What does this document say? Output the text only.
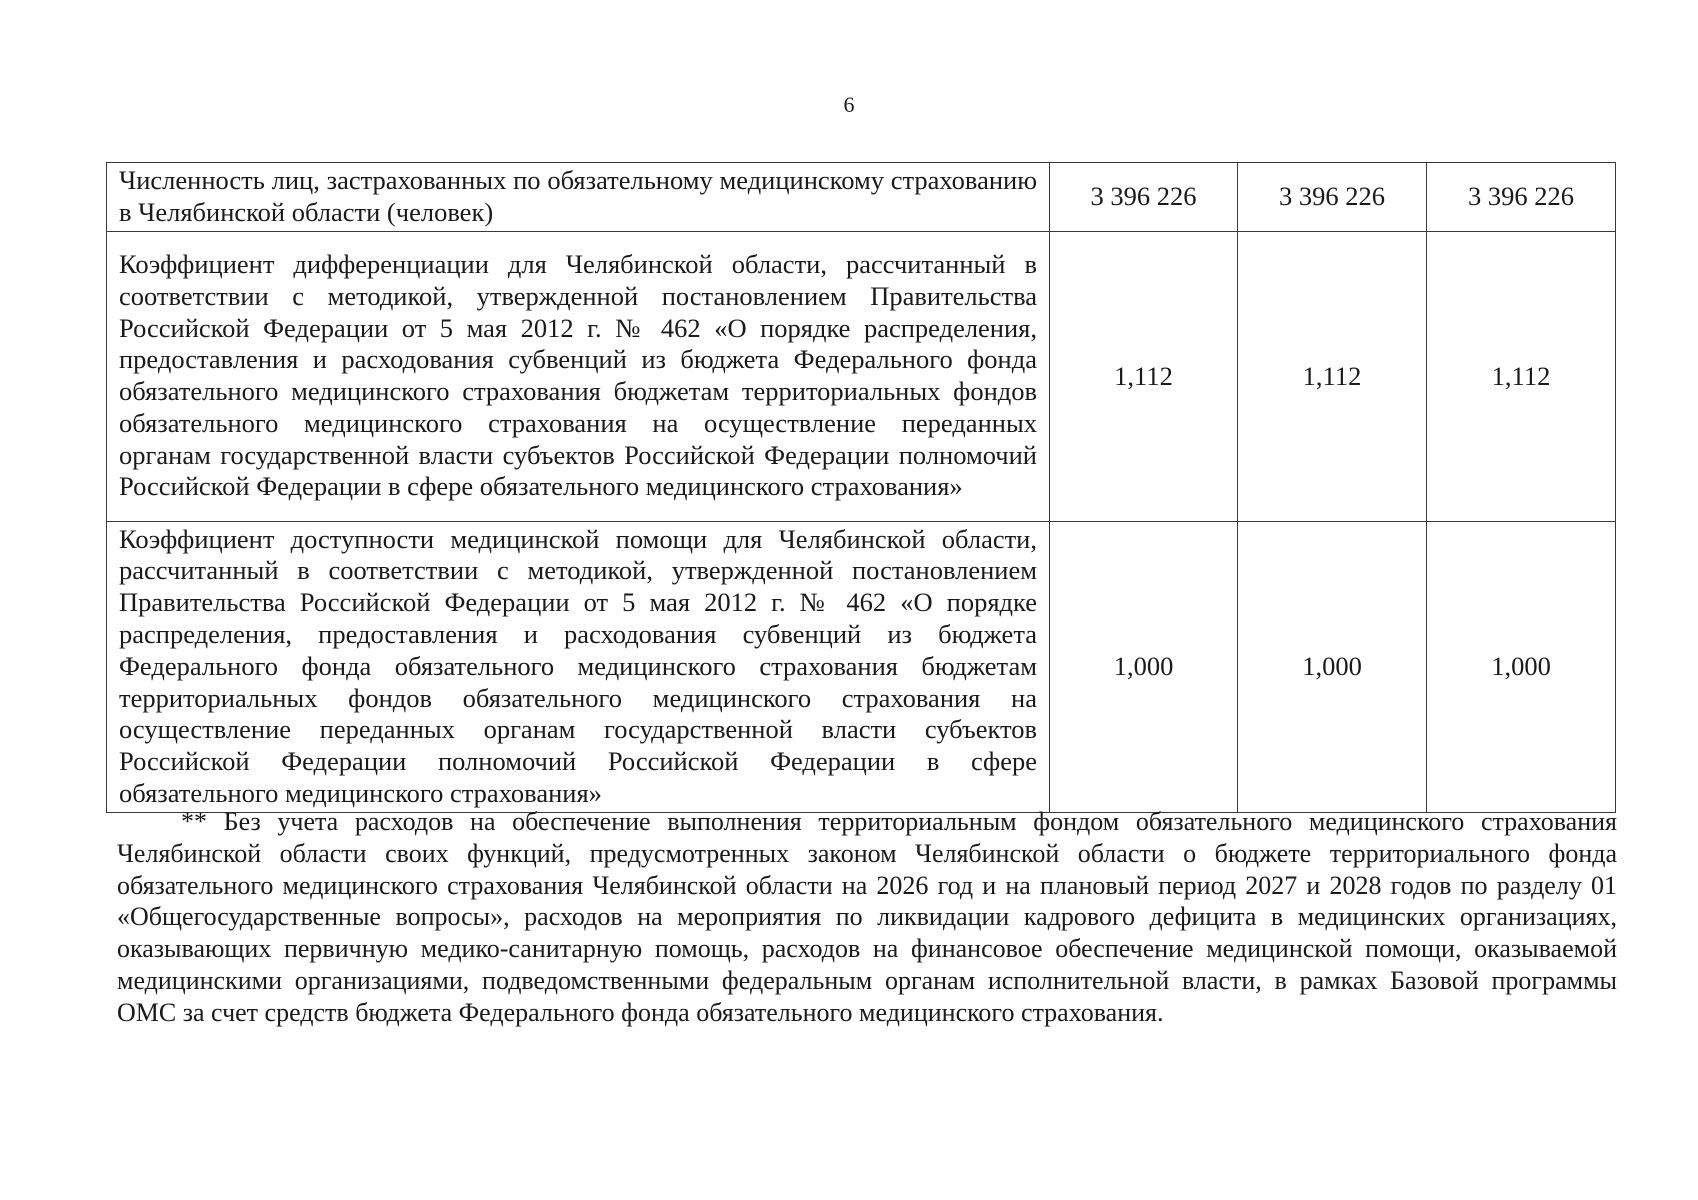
6
Численность лиц, застрахованных по обязательному медицинскому страхованию в Челябинской области (человек)	3 396 226	3 396 226	3 396 226
Коэффициент дифференциации для Челябинской области, рассчитанный в соответствии с методикой, утвержденной постановлением Правительства Российской Федерации от 5 мая 2012 г. № 462 «О порядке распределения, предоставления и расходования субвенций из бюджета Федерального фонда обязательного медицинского страхования бюджетам территориальных фондов обязательного медицинского страхования на осуществление переданных органам государственной власти субъектов Российской Федерации полномочий Российской Федерации в сфере обязательного медицинского страхования»	1,112	1,112	1,112
Коэффициент доступности медицинской помощи для Челябинской области, рассчитанный в соответствии с методикой, утвержденной постановлением Правительства Российской Федерации от 5 мая 2012 г. № 462 «О порядке распределения, предоставления и расходования субвенций из бюджета Федерального фонда обязательного медицинского страхования бюджетам территориальных фондов обязательного медицинского страхования на осуществление переданных органам государственной власти субъектов Российской Федерации полномочий Российской Федерации в сфере обязательного медицинского страхования»	1,000	1,000	1,000

** Без учета расходов на обеспечение выполнения территориальным фондом обязательного медицинского страхования Челябинской области своих функций, предусмотренных законом Челябинской области о бюджете территориального фонда обязательного медицинского страхования Челябинской области на 2026 год и на плановый период 2027 и 2028 годов по разделу 01 «Общегосударственные вопросы», расходов на мероприятия по ликвидации кадрового дефицита в медицинских организациях, оказывающих первичную медико-санитарную помощь, расходов на финансовое обеспечение медицинской помощи, оказываемой медицинскими организациями, подведомственными федеральным органам исполнительной власти, в рамках Базовой программы ОМС за счет средств бюджета Федерального фонда обязательного медицинского страхования.
